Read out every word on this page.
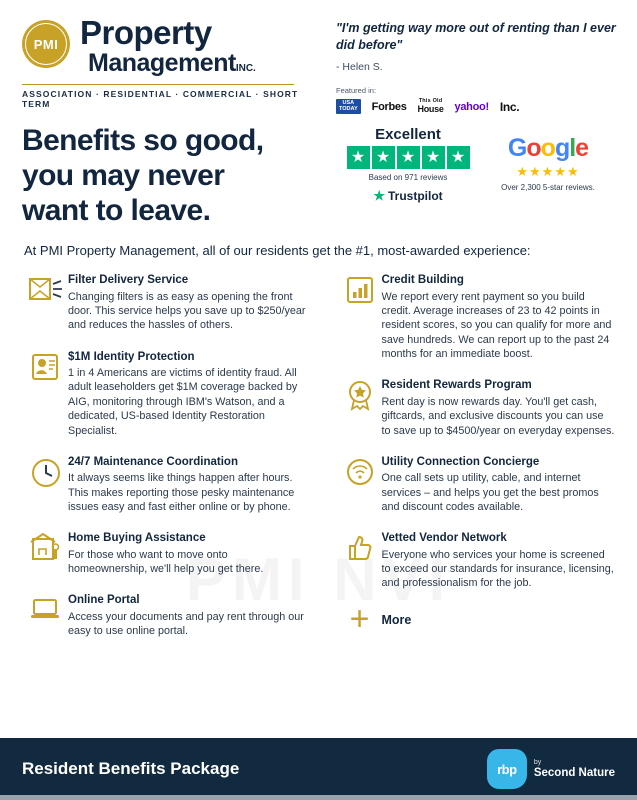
PMI Property
ManagementINC.
ASSOCIATION · RESIDENTIAL · COMMERCIAL · SHORT TERM
"I'm getting way more out of renting than I ever did before"
- Helen S.
Featured in:
USA
TODAY Forbes This Old
House yahoo! Inc .
Benefits so good,
you may never
want to leave.
Excellent
★ ★ ★ ★ ★
Based on 971 reviews
★ Trustpilot
Google
★★★★★
Over 2,300 5-star reviews.
At PMI Property Management, all of our residents get the #1, most-awarded experience:
Filter Delivery Service
Changing filters is as easy as opening the front door. This service helps you save up to $250/year and reduces the hassles of others.
$1M Identity Protection
1 in 4 Americans are victims of identity fraud. All adult leaseholders get $1M coverage backed by AIG, monitoring through IBM's Watson, and a dedicated, US-based Identity Restoration Specialist.
24/7 Maintenance Coordination
It always seems like things happen after hours. This makes reporting those pesky maintenance issues easy and fast either online or by phone.
Home Buying Assistance
For those who want to move onto homeownership, we'll help you get there.
Online Portal
Access your documents and pay rent through our easy to use online portal.
Credit Building
We report every rent payment so you build credit. Average increases of 23 to 42 points in resident scores, so you can qualify for more and save hundreds. We can report up to the past 24 months for an immediate boost.
Resident Rewards Program
Rent day is now rewards day. You'll get cash, giftcards, and exclusive discounts you can use to save up to $4500/year on everyday expenses.
Utility Connection Concierge
One call sets up utility, cable, and internet services – and helps you get the best promos and discount codes available.
Vetted Vendor Network
Everyone who services your home is screened to exceed our standards for insurance, licensing, and professionalism for the job.
+ More
Resident Benefits Package	rbp	by
Second Nature
